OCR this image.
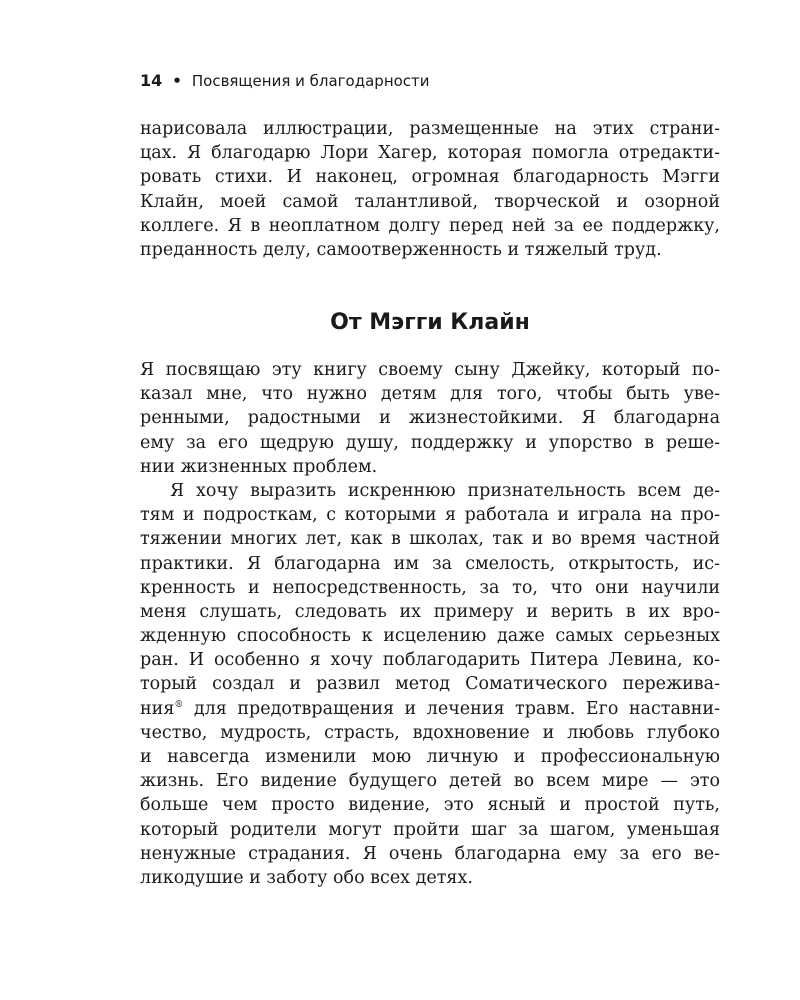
14 • Посвящения и благодарности
нарисовала иллюстрации, размещенные на этих страни-
цах. Я благодарю Лори Хагер, которая помогла отредакти-
ровать стихи. И наконец, огромная благодарность Мэгги
Клайн, моей самой талантливой, творческой и озорной
коллеге. Я в неоплатном долгу перед ней за ее поддержку,
преданность делу, самоотверженность и тяжелый труд.
От Мэгги Клайн
Я посвящаю эту книгу своему сыну Джейку, который по-
казал мне, что нужно детям для того, чтобы быть уве-
ренными, радостными и жизнестойкими. Я благодарна
ему за его щедрую душу, поддержку и упорство в реше-
нии жизненных проблем.
Я хочу выразить искреннюю признательность всем де-
тям и подросткам, с которыми я работала и играла на про-
тяжении многих лет, как в школах, так и во время частной
практики. Я благодарна им за смелость, открытость, ис-
кренность и непосредственность, за то, что они научили
меня слушать, следовать их примеру и верить в их вро-
жденную способность к исцелению даже самых серьезных
ран. И особенно я хочу поблагодарить Питера Левина, ко-
торый создал и развил метод Соматического пережива-
ния® для предотвращения и лечения травм. Его наставни-
чество, мудрость, страсть, вдохновение и любовь глубоко
и навсегда изменили мою личную и профессиональную
жизнь. Его видение будущего детей во всем мире — это
больше чем просто видение, это ясный и простой путь,
который родители могут пройти шаг за шагом, уменьшая
ненужные страдания. Я очень благодарна ему за его ве-
ликодушие и заботу обо всех детях.
